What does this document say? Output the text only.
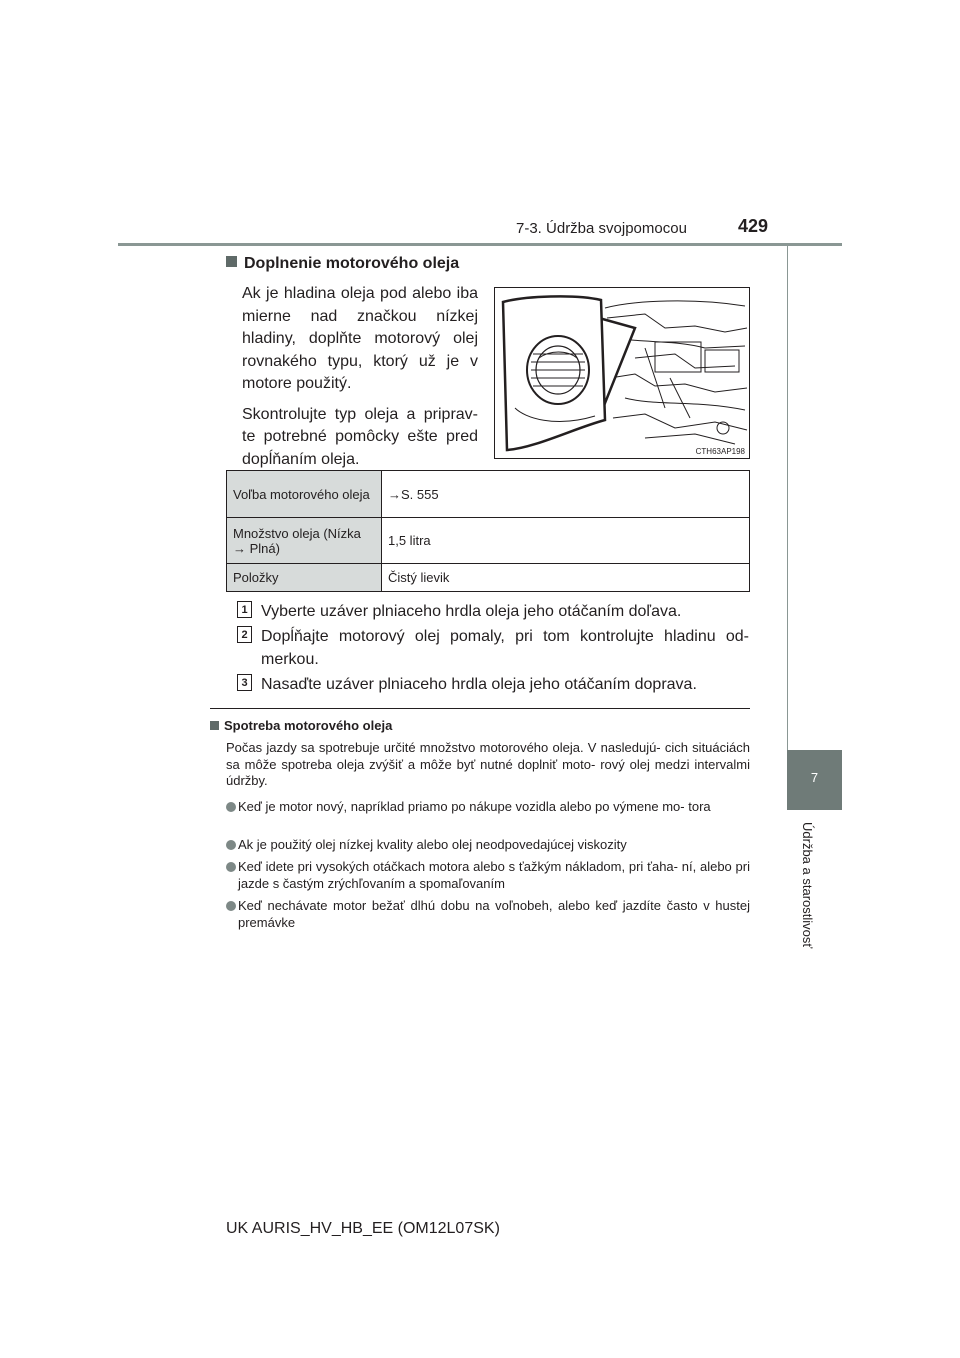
7-3. Údržba svojpomocou	429
7
Údržba a starostlivosť
Doplnenie motorového oleja

Ak je hladina oleja pod alebo iba mierne nad značkou nízkej hladiny, doplňte motorový olej rovnakého typu, ktorý už je v motore použitý.

Skontrolujte typ oleja a priprav- te potrebné pomôcky ešte pred dopĺňaním oleja.	CTH63AP198
Voľba motorového oleja	→S. 555
Množstvo oleja (Nízka → Plná)	1,5 litra
Položky	Čistý lievik
1 Vyberte uzáver plniaceho hrdla oleja jeho otáčaním doľava.
2 Dopĺňajte motorový olej pomaly, pri tom kontrolujte hladinu od- merkou.
3 Nasaďte uzáver plniaceho hrdla oleja jeho otáčaním doprava.
Spotreba motorového oleja
Počas jazdy sa spotrebuje určité množstvo motorového oleja. V nasledujú- cich situáciách sa môže spotreba oleja zvýšiť a môže byť nutné doplniť moto- rový olej medzi intervalmi údržby.
Keď je motor nový, napríklad priamo po nákupe vozidla alebo po výmene mo- tora
Ak je použitý olej nízkej kvality alebo olej neodpovedajúcej viskozity
Keď idete pri vysokých otáčkach motora alebo s ťažkým nákladom, pri ťaha- ní, alebo pri jazde s častým zrýchľovaním a spomaľovaním
Keď nechávate motor bežať dlhú dobu na voľnobeh, alebo keď jazdíte často v hustej premávke
UK AURIS_HV_HB_EE (OM12L07SK)
